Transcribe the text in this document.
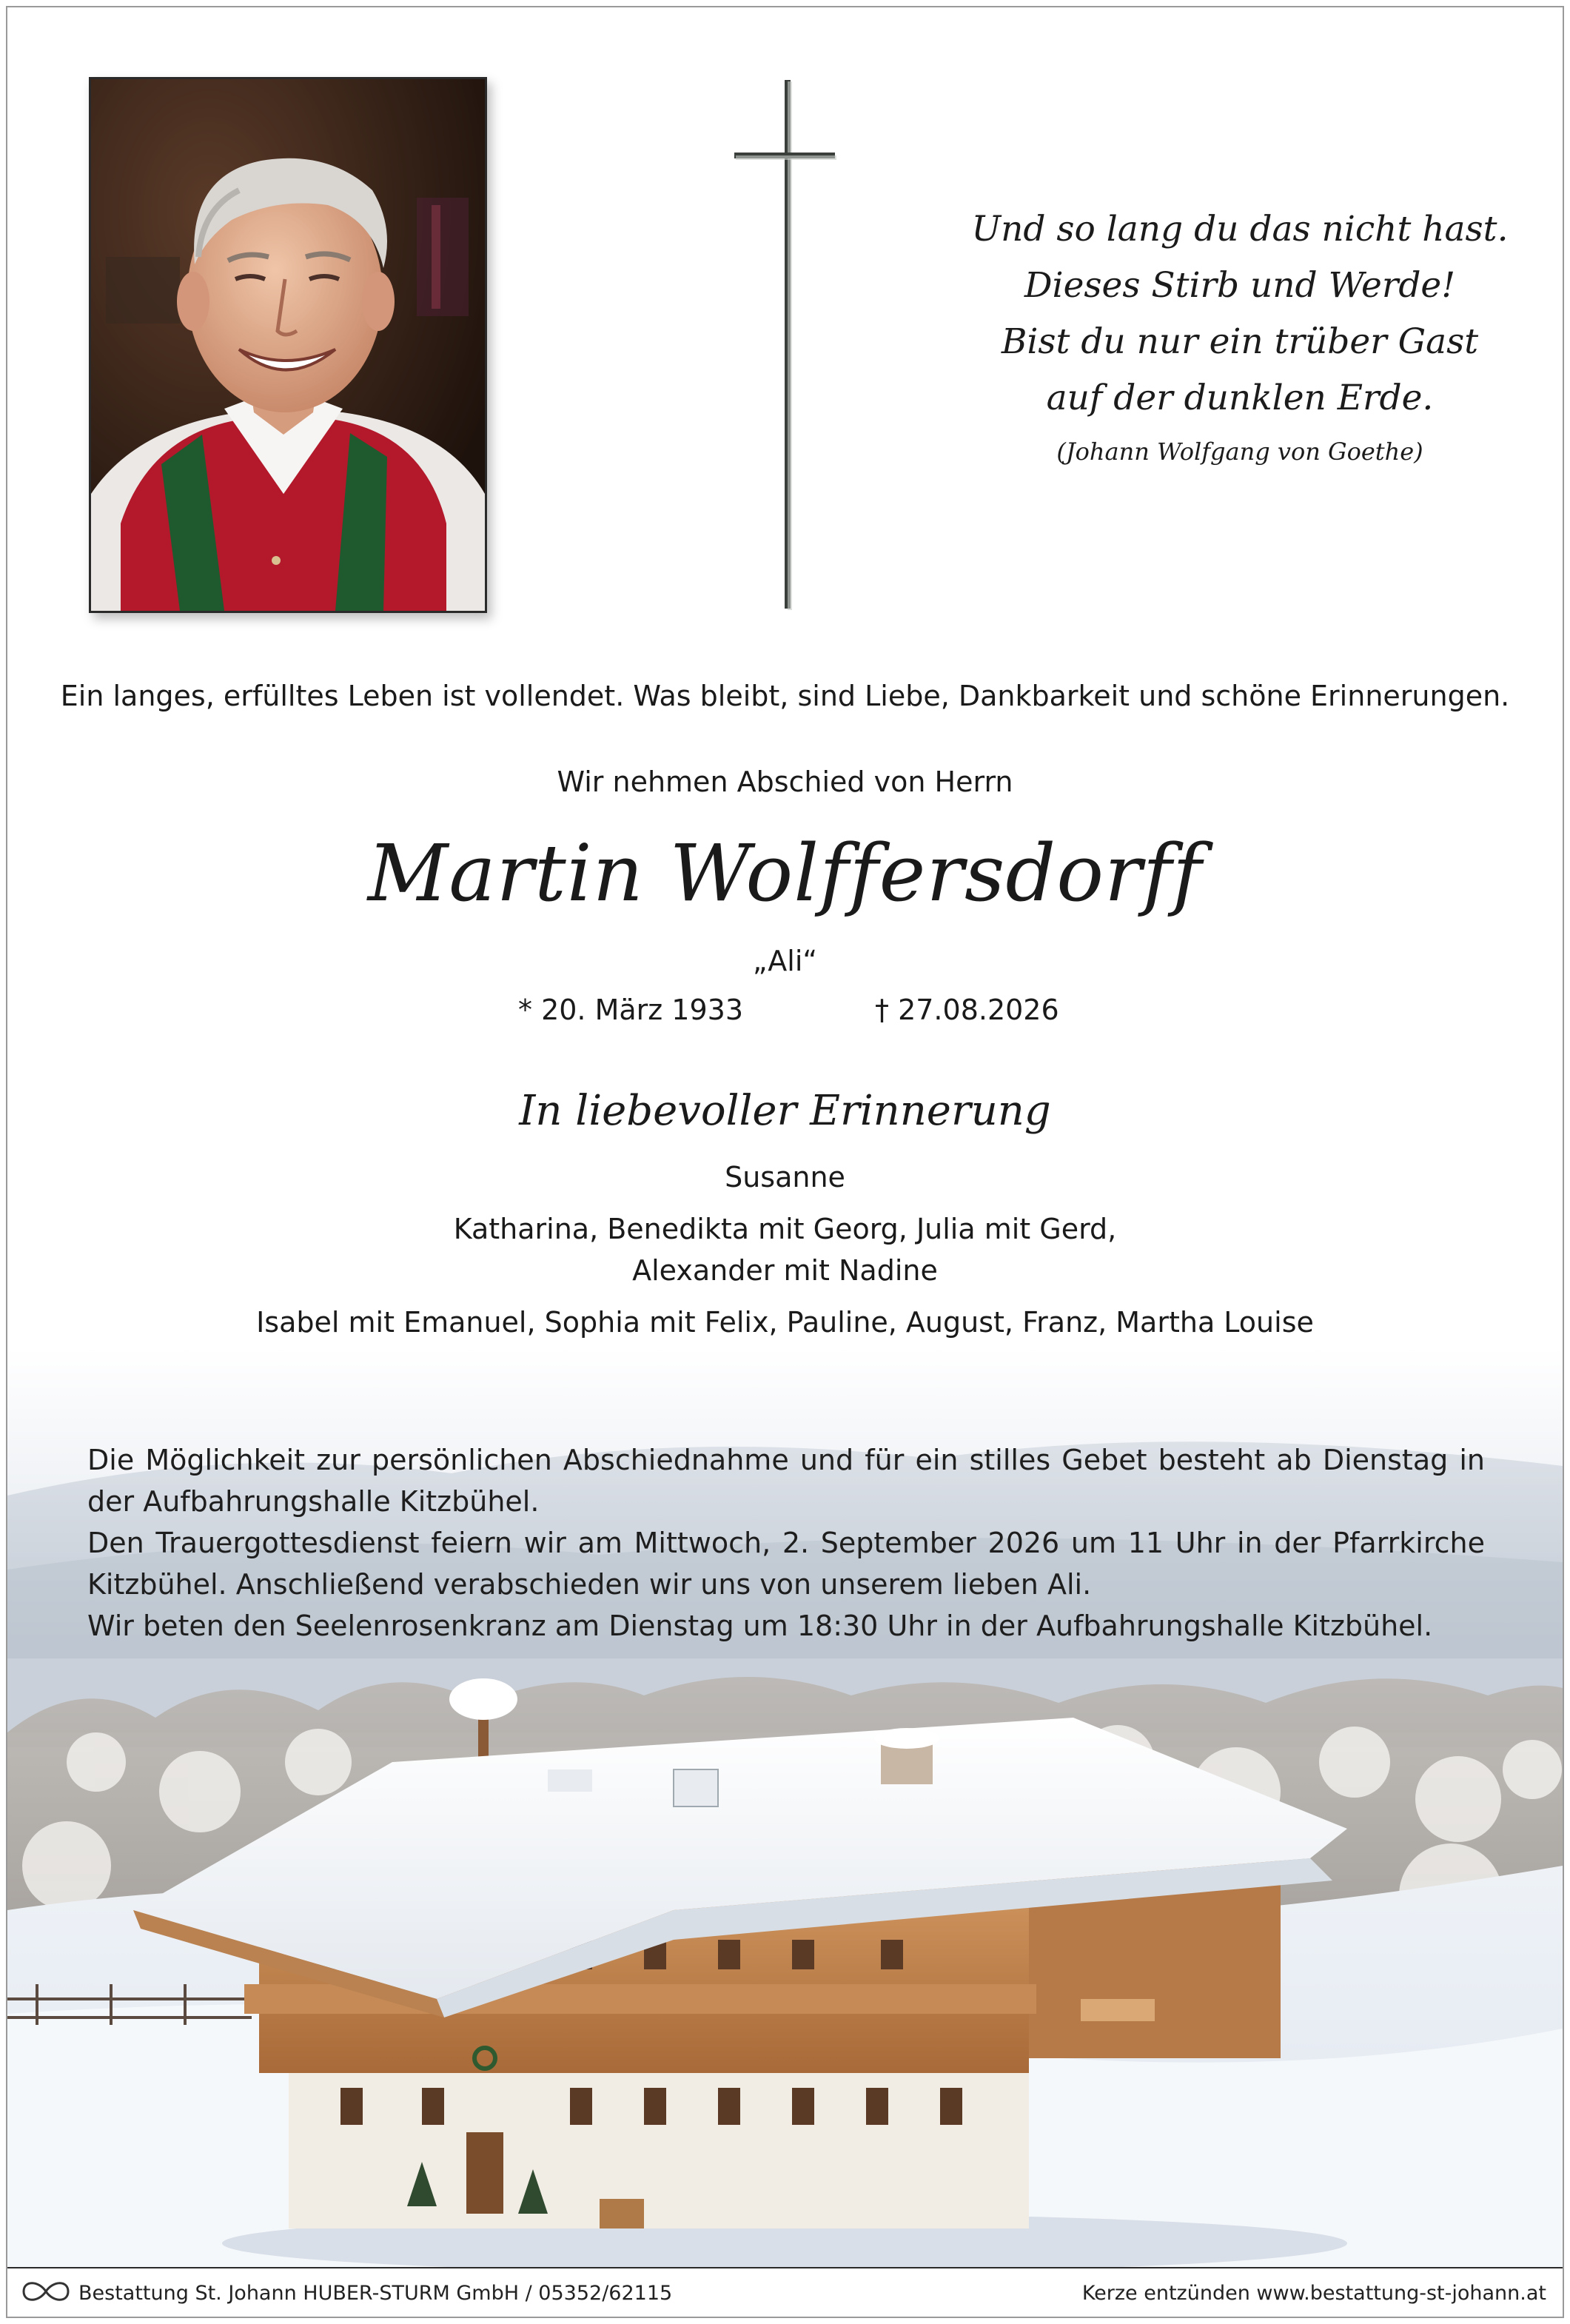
Und so lang du das nicht hast.
Dieses Stirb und Werde!
Bist du nur ein trüber Gast
auf der dunklen Erde.
(Johann Wolfgang von Goethe)
Ein langes, erfülltes Leben ist vollendet. Was bleibt, sind Liebe, Dankbarkeit und schöne Erinnerungen.
Wir nehmen Abschied von Herrn
Martin Wolffersdorff
„Ali“
* 20. März 1933	† 27.08.2026
In liebevoller Erinnerung
Susanne
Katharina, Benedikta mit Georg, Julia mit Gerd,
Alexander mit Nadine
Isabel mit Emanuel, Sophia mit Felix, Pauline, August, Franz, Martha Louise

Die Möglichkeit zur persönlichen Abschiednahme und für ein stilles Gebet besteht ab Dienstag in der Aufbahrungshalle Kitzbühel.

Den Trauergottesdienst feiern wir am Mittwoch, 2. September 2026 um 11 Uhr in der Pfarrkirche Kitzbühel. Anschließend verabschieden wir uns von unserem lieben Ali.

Wir beten den Seelenrosenkranz am Dienstag um 18:30 Uhr in der Aufbahrungshalle Kitzbühel.

Bestattung St. Johann HUBER-STURM GmbH / 05352/62115	Kerze entzünden www.bestattung-st-johann.at
